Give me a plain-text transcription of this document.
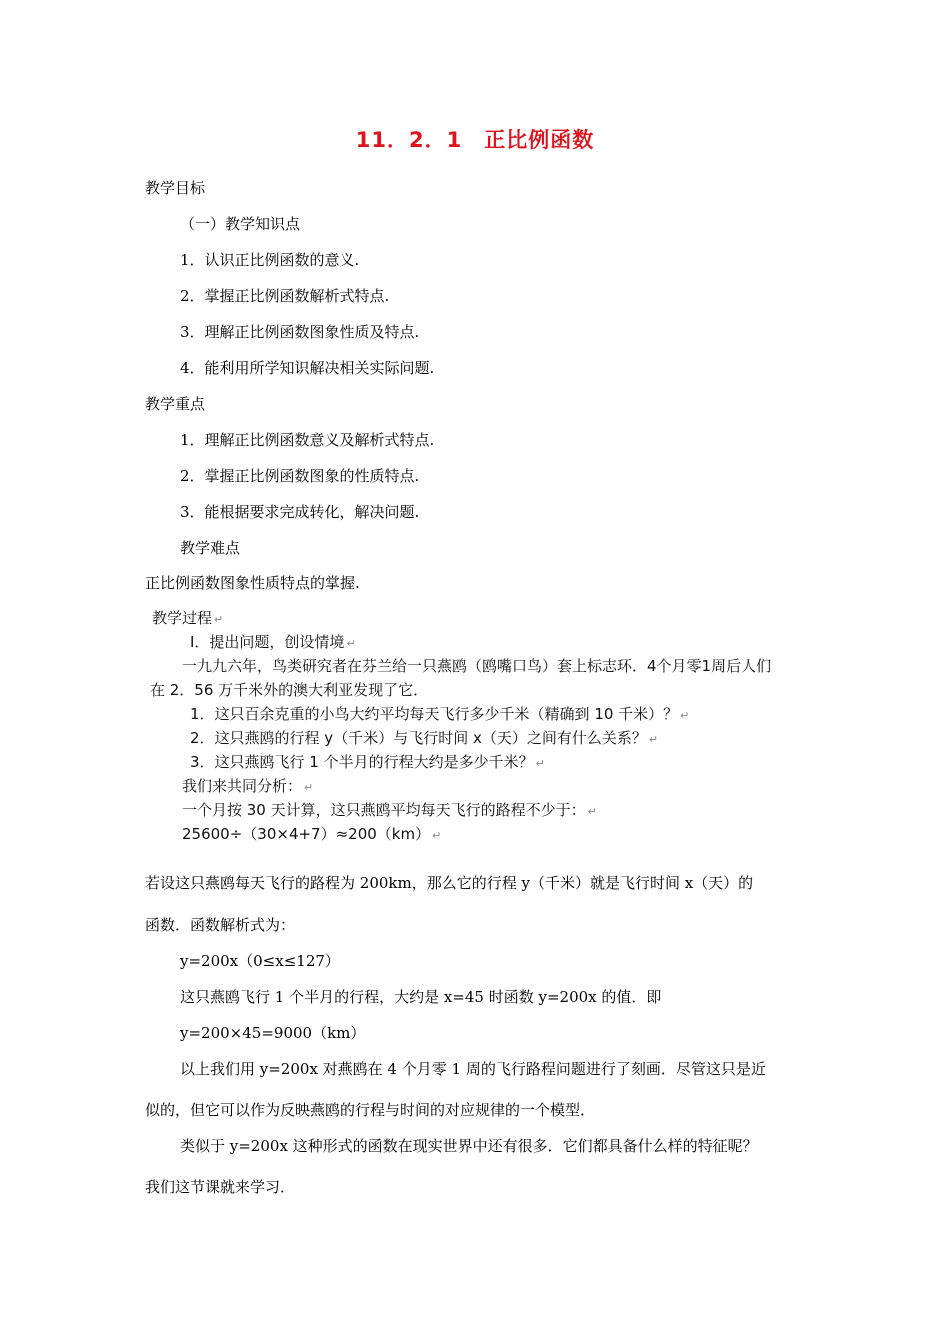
11．2．1　正比例函数
教学目标
（一）教学知识点
1．认识正比例函数的意义.
2．掌握正比例函数解析式特点.
3．理解正比例函数图象性质及特点.
4．能利用所学知识解决相关实际问题.
教学重点
1．理解正比例函数意义及解析式特点.
2．掌握正比例函数图象的性质特点.
3．能根据要求完成转化，解决问题.
教学难点
正比例函数图象性质特点的掌握.
教学过程 ↵
Ⅰ．提出问题，创设情境 ↵
一九九六年，鸟类研究者在芬兰给一只燕鸥（鸥嘴口鸟）套上标志环．4个月零1周后人们
在 2．56 万千米外的澳大利亚发现了它．
1．这只百余克重的小鸟大约平均每天飞行多少千米（精确到 10 千米）？ ↵
2．这只燕鸥的行程 y（千米）与飞行时间 x（天）之间有什么关系？ ↵
3．这只燕鸥飞行 1 个半月的行程大约是多少千米？ ↵
我们来共同分析： ↵
一个月按 30 天计算，这只燕鸥平均每天飞行的路程不少于： ↵
25600÷（30×4+7）≈200（km） ↵
若设这只燕鸥每天飞行的路程为 200km，那么它的行程 y（千米）就是飞行时间 x（天）的
函数．函数解析式为：
y=200x（0≤x≤127）
这只燕鸥飞行 1 个半月的行程，大约是 x=45 时函数 y=200x 的值．即
y=200×45=9000（km）
以上我们用 y=200x 对燕鸥在 4 个月零 1 周的飞行路程问题进行了刻画．尽管这只是近
似的，但它可以作为反映燕鸥的行程与时间的对应规律的一个模型．
类似于 y=200x 这种形式的函数在现实世界中还有很多．它们都具备什么样的特征呢？
我们这节课就来学习．
